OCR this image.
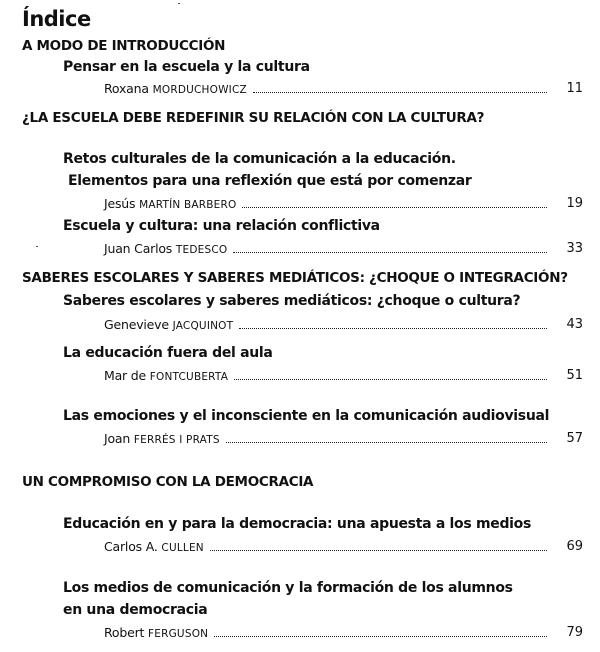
Índice
A MODO DE INTRODUCCIÓN
Pensar en la escuela y la cultura
Roxana MORDUCHOWICZ	11
¿LA ESCUELA DEBE REDEFINIR SU RELACIÓN CON LA CULTURA?
Retos culturales de la comunicación a la educación.
Elementos para una reflexión que está por comenzar
Jesús MARTÍN BARBERO	19
Escuela y cultura: una relación conflictiva
Juan Carlos TEDESCO	33
SABERES ESCOLARES Y SABERES MEDIÁTICOS: ¿CHOQUE O INTEGRACIÓN?
Saberes escolares y saberes mediáticos: ¿choque o cultura?
Genevieve JACQUINOT	43
La educación fuera del aula
Mar de FONTCUBERTA	51
Las emociones y el inconsciente en la comunicación audiovisual
Joan FERRÉS I PRATS	57
UN COMPROMISO CON LA DEMOCRACIA
Educación en y para la democracia: una apuesta a los medios
Carlos A. CULLEN	69
Los medios de comunicación y la formación de los alumnos
en una democracia
Robert FERGUSON	79
